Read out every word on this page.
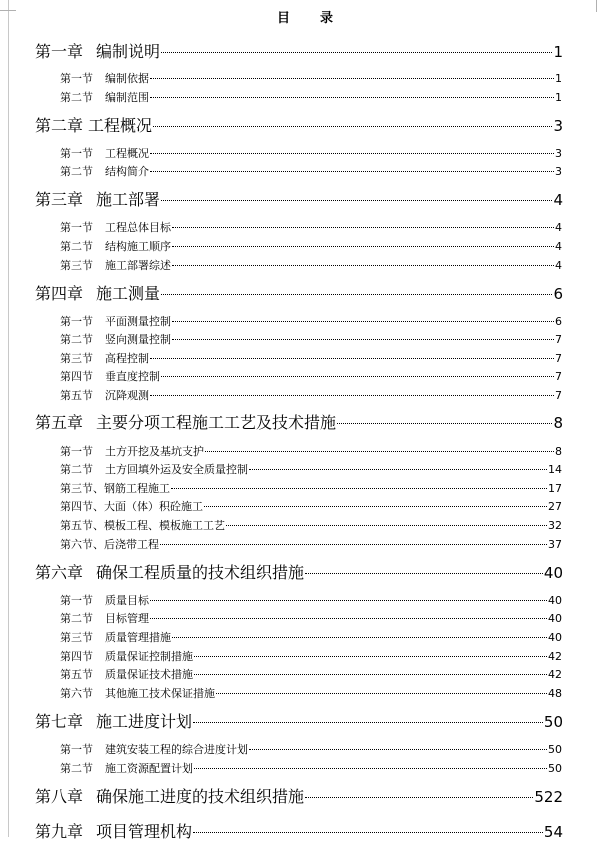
目 录
第一章 编制说明	1
第一节 编制依据	1
第二节 编制范围	1
第二章 工程概况	3
第一节 工程概况	3
第二节 结构简介	3
第三章 施工部署	4
第一节 工程总体目标	4
第二节 结构施工顺序	4
第三节 施工部署综述	4
第四章 施工测量	6
第一节 平面测量控制	6
第二节 竖向测量控制	7
第三节 高程控制	7
第四节 垂直度控制	7
第五节 沉降观测	7
第五章 主要分项工程施工工艺及技术措施	8
第一节 土方开挖及基坑支护	8
第二节 土方回填外运及安全质量控制	14
第三节、 钢筋工程施工	17
第四节、 大面（体）积砼施工	27
第五节、 模板工程、模板施工工艺	32
第六节、 后浇带工程	37
第六章 确保工程质量的技术组织措施	40
第一节 质量目标	40
第二节 目标管理	40
第三节 质量管理措施	40
第四节 质量保证控制措施	42
第五节 质量保证技术措施	42
第六节 其他施工技术保证措施	48
第七章 施工进度计划	50
第一节 建筑安装工程的综合进度计划	50
第二节 施工资源配置计划	50
第八章 确保施工进度的技术组织措施	522
第九章 项目管理机构	54
